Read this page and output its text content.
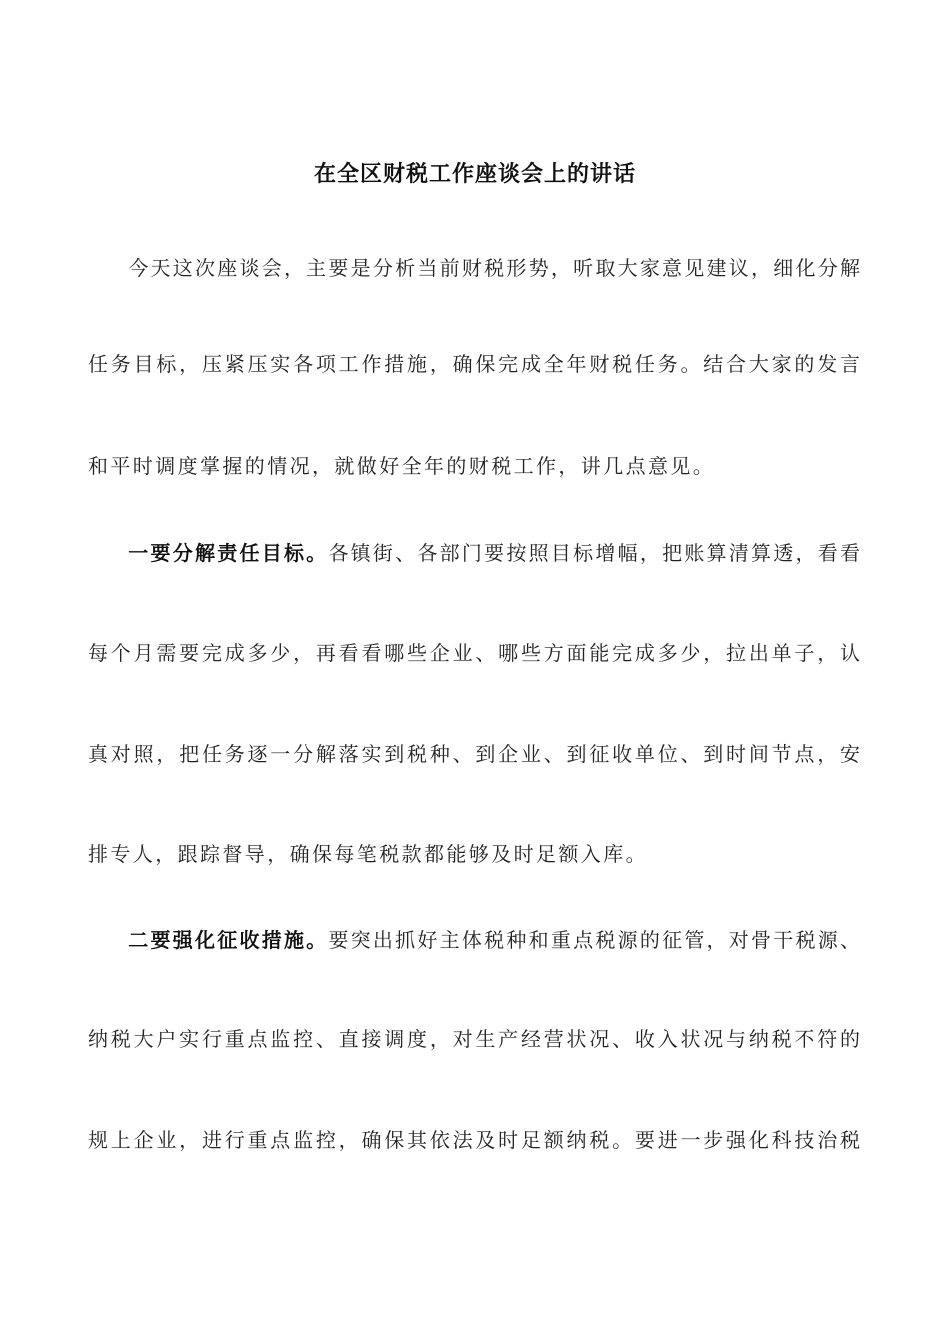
在全区财税工作座谈会上的讲话
今天这次座谈会，主要是分析当前财税形势，听取大家意见建议，细化分解
任务目标，压紧压实各项工作措施，确保完成全年财税任务。结合大家的发言
和平时调度掌握的情况，就做好全年的财税工作，讲几点意见。
一要分解责任目标。各镇街、各部门要按照目标增幅，把账算清算透，看看
每个月需要完成多少，再看看哪些企业、哪些方面能完成多少，拉出单子，认
真对照，把任务逐一分解落实到税种、到企业、到征收单位、到时间节点，安
排专人，跟踪督导，确保每笔税款都能够及时足额入库。
二要强化征收措施。要突出抓好主体税种和重点税源的征管，对骨干税源、
纳税大户实行重点监控、直接调度，对生产经营状况、收入状况与纳税不符的
规上企业，进行重点监控，确保其依法及时足额纳税。要进一步强化科技治税
